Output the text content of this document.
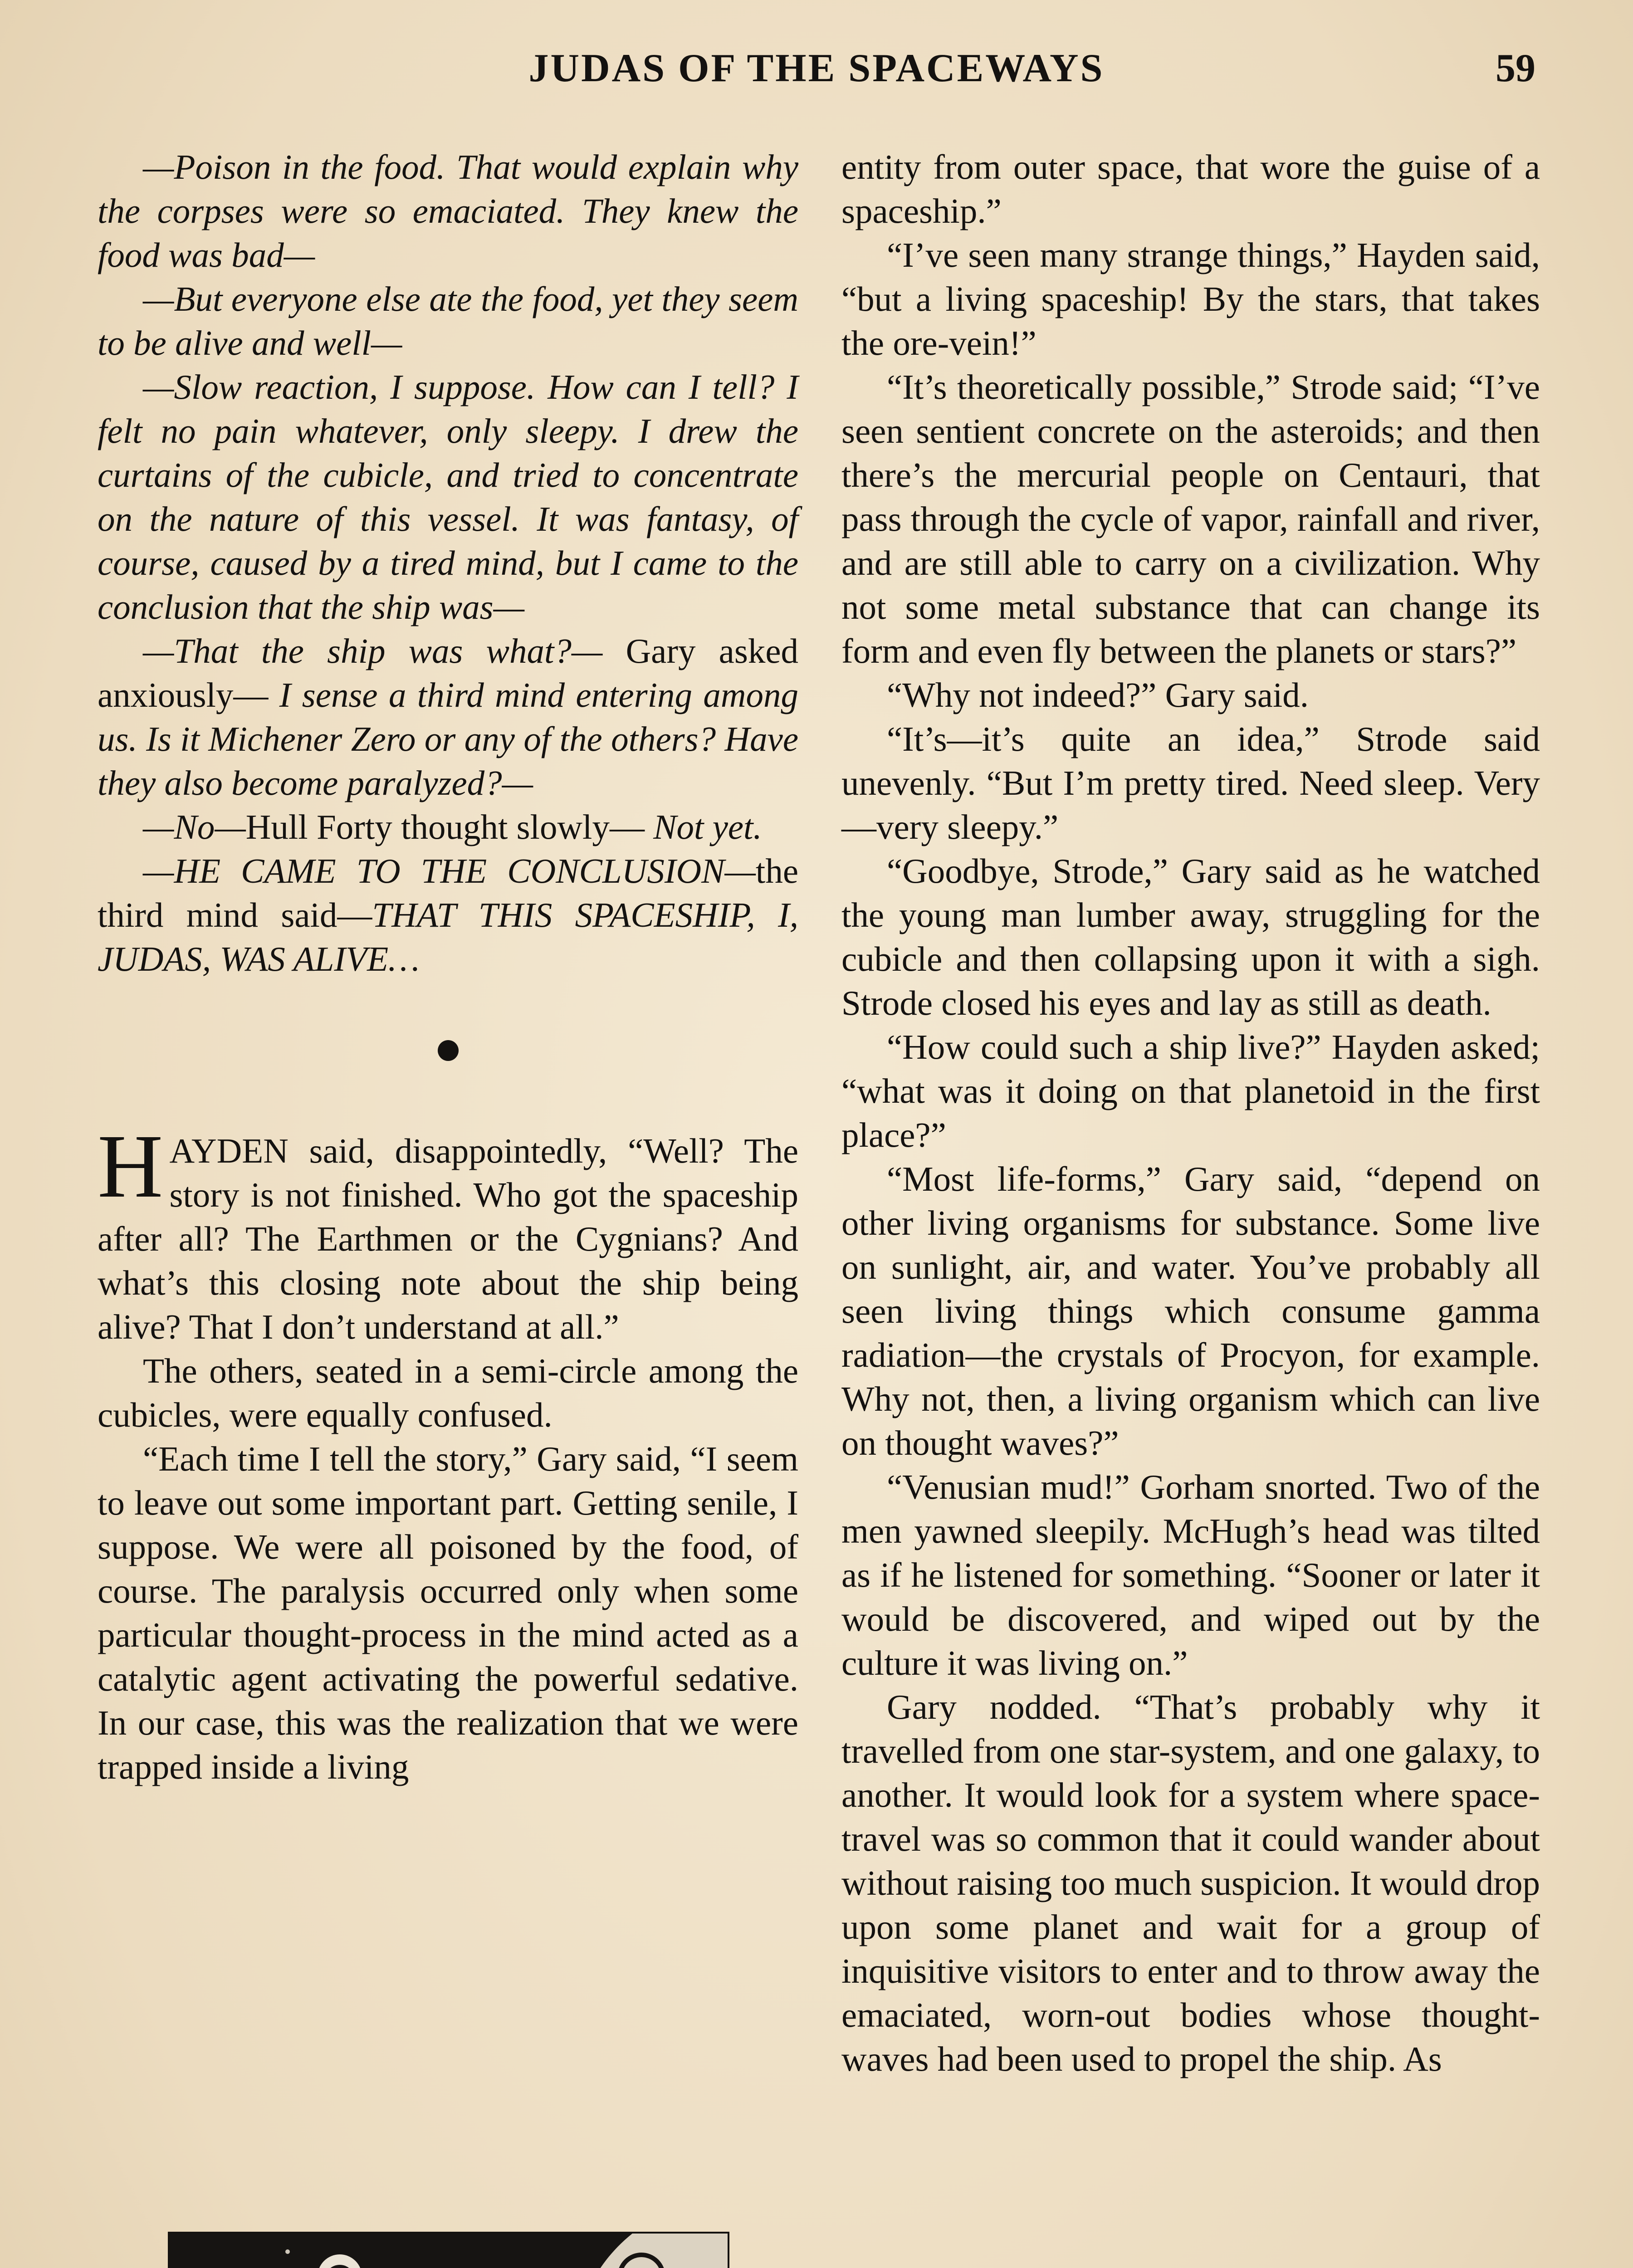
JUDAS OF THE SPACEWAYS	59

—Poison in the food. That would explain why the corpses were so emaciated. They knew the food was bad—

—But everyone else ate the food, yet they seem to be alive and well—

—Slow reaction, I suppose. How can I tell? I felt no pain whatever, only sleepy. I drew the curtains of the cubicle, and tried to concentrate on the nature of this vessel. It was fantasy, of course, caused by a tired mind, but I came to the conclusion that the ship was—

—That the ship was what?— Gary asked anxiously— I sense a third mind entering among us. Is it Michener Zero or any of the others? Have they also become paralyzed?—

—No—Hull Forty thought slowly— Not yet.

—HE CAME TO THE CONCLUSION—the third mind said—THAT THIS SPACESHIP, I, JUDAS, WAS ALIVE…

HAYDEN said, disappointedly, “Well? The story is not finished. Who got the spaceship after all? The Earthmen or the Cygnians? And what’s this closing note about the ship being alive? That I don’t understand at all.”

The others, seated in a semi-circle among the cubicles, were equally confused.

“Each time I tell the story,” Gary said, “I seem to leave out some important part. Getting senile, I suppose. We were all poisoned by the food, of course. The paralysis occurred only when some particular thought-process in the mind acted as a catalytic agent activating the powerful sedative. In our case, this was the realization that we were trapped inside a living

entity from outer space, that wore the guise of a spaceship.”

“I’ve seen many strange things,” Hayden said, “but a living spaceship! By the stars, that takes the ore-vein!”

“It’s theoretically possible,” Strode said; “I’ve seen sentient concrete on the asteroids; and then there’s the mercurial people on Centauri, that pass through the cycle of vapor, rainfall and river, and are still able to carry on a civilization. Why not some metal substance that can change its form and even fly between the planets or stars?”

“Why not indeed?” Gary said.

“It’s—it’s quite an idea,” Strode said unevenly. “But I’m pretty tired. Need sleep. Very—very sleepy.”

“Goodbye, Strode,” Gary said as he watched the young man lumber away, struggling for the cubicle and then collapsing upon it with a sigh. Strode closed his eyes and lay as still as death.

“How could such a ship live?” Hayden asked; “what was it doing on that planetoid in the first place?”

“Most life-forms,” Gary said, “depend on other living organisms for substance. Some live on sunlight, air, and water. You’ve probably all seen living things which consume gamma radiation—the crystals of Procyon, for example. Why not, then, a living organism which can live on thought waves?”

“Venusian mud!” Gorham snorted. Two of the men yawned sleepily. McHugh’s head was tilted as if he listened for something. “Sooner or later it would be discovered, and wiped out by the culture it was living on.”

Gary nodded. “That’s probably why it travelled from one star-system, and one galaxy, to another. It would look for a system where space-travel was so common that it could wander about without raising too much suspicion. It would drop upon some planet and wait for a group of inquisitive visitors to enter and to throw away the emaciated, worn-out bodies whose thought-waves had been used to propel the ship. As
